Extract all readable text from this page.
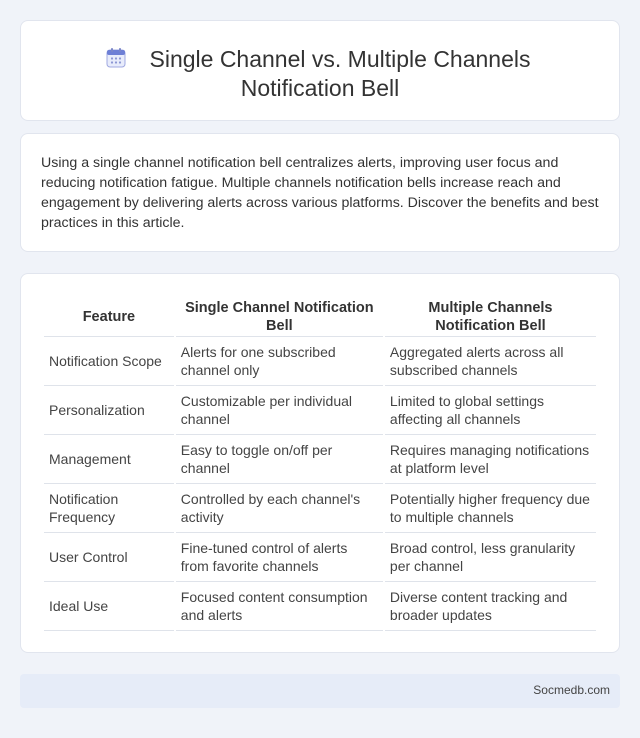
Single Channel vs. Multiple Channels
Notification Bell

Using a single channel notification bell centralizes alerts, improving user focus and reducing notification fatigue. Multiple channels notification bells increase reach and engagement by delivering alerts across various platforms. Discover the benefits and best practices in this article.

Feature	Single Channel Notification Bell	Multiple Channels Notification Bell
Notification Scope	Alerts for one subscribed channel only	Aggregated alerts across all subscribed channels
Personalization	Customizable per individual channel	Limited to global settings affecting all channels
Management	Easy to toggle on/off per channel	Requires managing notifications at platform level
Notification Frequency	Controlled by each channel's activity	Potentially higher frequency due to multiple channels
User Control	Fine-tuned control of alerts from favorite channels	Broad control, less granularity per channel
Ideal Use	Focused content consumption and alerts	Diverse content tracking and broader updates
Socmedb.com
